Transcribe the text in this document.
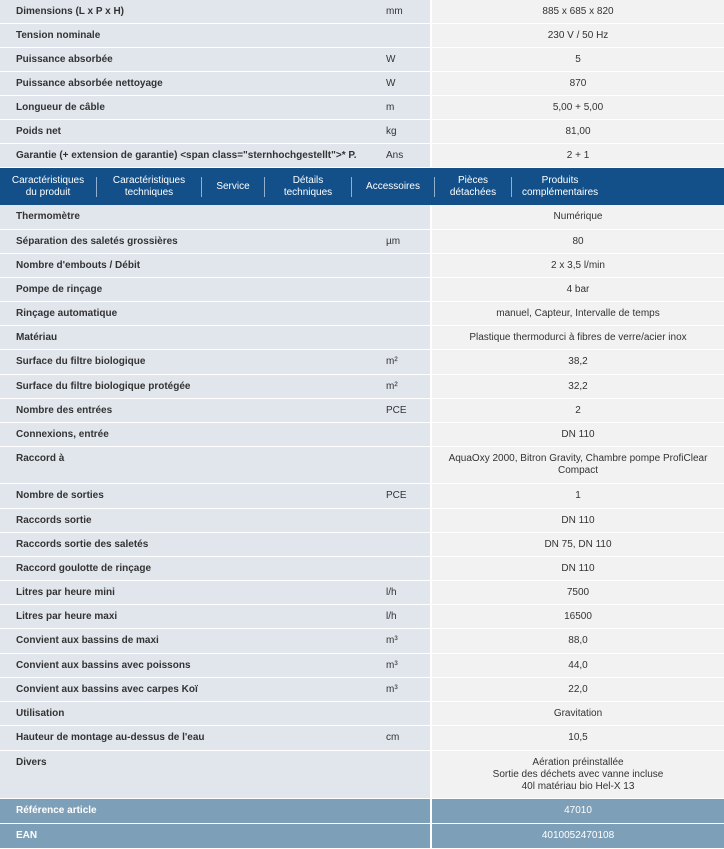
Dimensions (L x P x H)	mm	885 x 685 x 820
Tension nominale	230 V / 50 Hz
Puissance absorbée	W	5
Puissance absorbée nettoyage	W	870
Longueur de câble	m	5,00 + 5,00
Poids net	kg	81,00
Garantie (+ extension de garantie) <span class="sternhochgestellt">* P.	Ans	2 + 1
Caractéristiques
du produit
Caractéristiques
techniques
Service
Détails
techniques
Accessoires
Pièces
détachées
Produits
complémentaires
Thermomètre	Numérique
Séparation des saletés grossières	µm	80
Nombre d'embouts / Débit	2 x 3,5 l/min
Pompe de rinçage	4 bar
Rinçage automatique	manuel, Capteur, Intervalle de temps
Matériau	Plastique thermodurci à fibres de verre/acier inox
Surface du filtre biologique	m²	38,2
Surface du filtre biologique protégée	m²	32,2
Nombre des entrées	PCE	2
Connexions, entrée	DN 110
Raccord à	AquaOxy 2000, Bitron Gravity, Chambre pompe ProfiClear Compact
Nombre de sorties	PCE	1
Raccords sortie	DN 110
Raccords sortie des saletés	DN 75, DN 110
Raccord goulotte de rinçage	DN 110
Litres par heure mini	l/h	7500
Litres par heure maxi	l/h	16500
Convient aux bassins de maxi	m³	88,0
Convient aux bassins avec poissons	m³	44,0
Convient aux bassins avec carpes Koï	m³	22,0
Utilisation	Gravitation
Hauteur de montage au-dessus de l'eau	cm	10,5
Divers	Aération préinstallée
Sortie des déchets avec vanne incluse
40l matériau bio Hel-X 13
Référence article	47010
EAN	4010052470108
